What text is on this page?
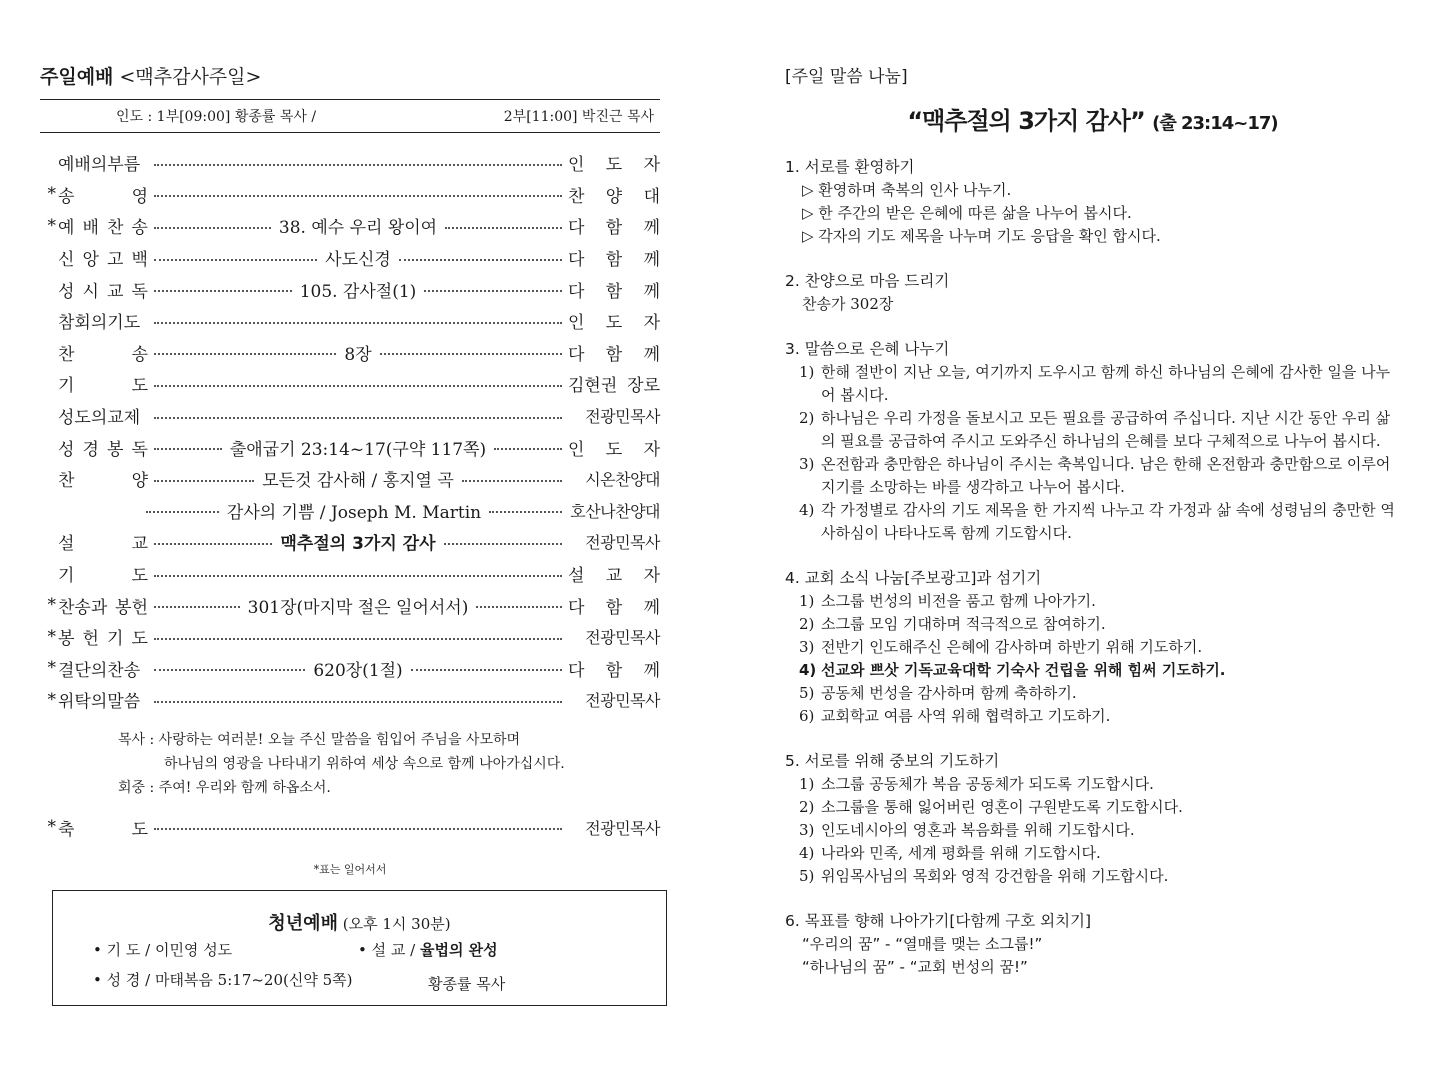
주일예배 <맥추감사주일>
인도 : 1부[09:00] 황종률 목사 /	2부[11:00] 박진근 목사
예배의부름	인 도 자
* 송	영	찬 양 대
* 예 배 찬 송	38. 예수 우리 왕이여	다 함 께
신 앙 고 백	사도신경	다 함 께
성 시 교 독	105. 감사절(1)	다 함 께
참회의기도	인 도 자
찬	송	8장	다 함 께
기	도	김현권 장로
성도의교제	전광민목사
성 경 봉 독	출애굽기 23:14~17(구약 117쪽)	인 도 자
찬	양	모든것 감사해 / 홍지열 곡	시온찬양대
감사의 기쁨 / Joseph M. Martin	호산나찬양대
설	교	맥추절의 3가지 감사	전광민목사
기	도	설 교 자
* 찬송과 봉헌	301장(마지막 절은 일어서서)	다 함 께
* 봉 헌 기 도	전광민목사
* 결단의찬송	620장(1절)	다 함 께
* 위탁의말씀	전광민목사
목사 : 사랑하는 여러분! 오늘 주신 말씀을 힘입어 주님을 사모하며
하나님의 영광을 나타내기 위하여 세상 속으로 함께 나아가십시다.
회중 : 주여! 우리와 함께 하옵소서.
* 축	도	전광민목사
*표는 일어서서
청년예배 (오후 1시 30분)
• 기 도 / 이민영 성도	• 설 교 / 율법의 완성
• 성 경 / 마태복음 5:17~20(신약 5쪽)	황종률 목사
[주일 말씀 나눔]
“맥추절의 3가지 감사” (출 23:14~17)
1. 서로를 환영하기
▷ 환영하며 축복의 인사 나누기.
▷ 한 주간의 받은 은혜에 따른 삶을 나누어 봅시다.
▷ 각자의 기도 제목을 나누며 기도 응답을 확인 합시다.
2. 찬양으로 마음 드리기
찬송가 302장
3. 말씀으로 은혜 나누기
1) 한해 절반이 지난 오늘, 여기까지 도우시고 함께 하신 하나님의 은혜에 감사한 일을 나누어 봅시다.
2) 하나님은 우리 가정을 돌보시고 모든 필요를 공급하여 주십니다. 지난 시간 동안 우리 삶의 필요를 공급하여 주시고 도와주신 하나님의 은혜를 보다 구체적으로 나누어 봅시다.
3) 온전함과 충만함은 하나님이 주시는 축복입니다. 남은 한해 온전함과 충만함으로 이루어지기를 소망하는 바를 생각하고 나누어 봅시다.
4) 각 가정별로 감사의 기도 제목을 한 가지씩 나누고 각 가정과 삶 속에 성령님의 충만한 역사하심이 나타나도록 함께 기도합시다.
4. 교회 소식 나눔[주보광고]과 섬기기
1) 소그룹 번성의 비전을 품고 함께 나아가기.
2) 소그룹 모임 기대하며 적극적으로 참여하기.
3) 전반기 인도해주신 은혜에 감사하며 하반기 위해 기도하기.
4) 선교와 쁘삿 기독교육대학 기숙사 건립을 위해 힘써 기도하기.
5) 공동체 번성을 감사하며 함께 축하하기.
6) 교회학교 여름 사역 위해 협력하고 기도하기.
5. 서로를 위해 중보의 기도하기
1) 소그룹 공동체가 복음 공동체가 되도록 기도합시다.
2) 소그룹을 통해 잃어버린 영혼이 구원받도록 기도합시다.
3) 인도네시아의 영혼과 복음화를 위해 기도합시다.
4) 나라와 민족, 세계 평화를 위해 기도합시다.
5) 위임목사님의 목회와 영적 강건함을 위해 기도합시다.
6. 목표를 향해 나아가기[다함께 구호 외치기]
“우리의 꿈” - “열매를 맺는 소그룹!”
“하나님의 꿈” - “교회 번성의 꿈!”
